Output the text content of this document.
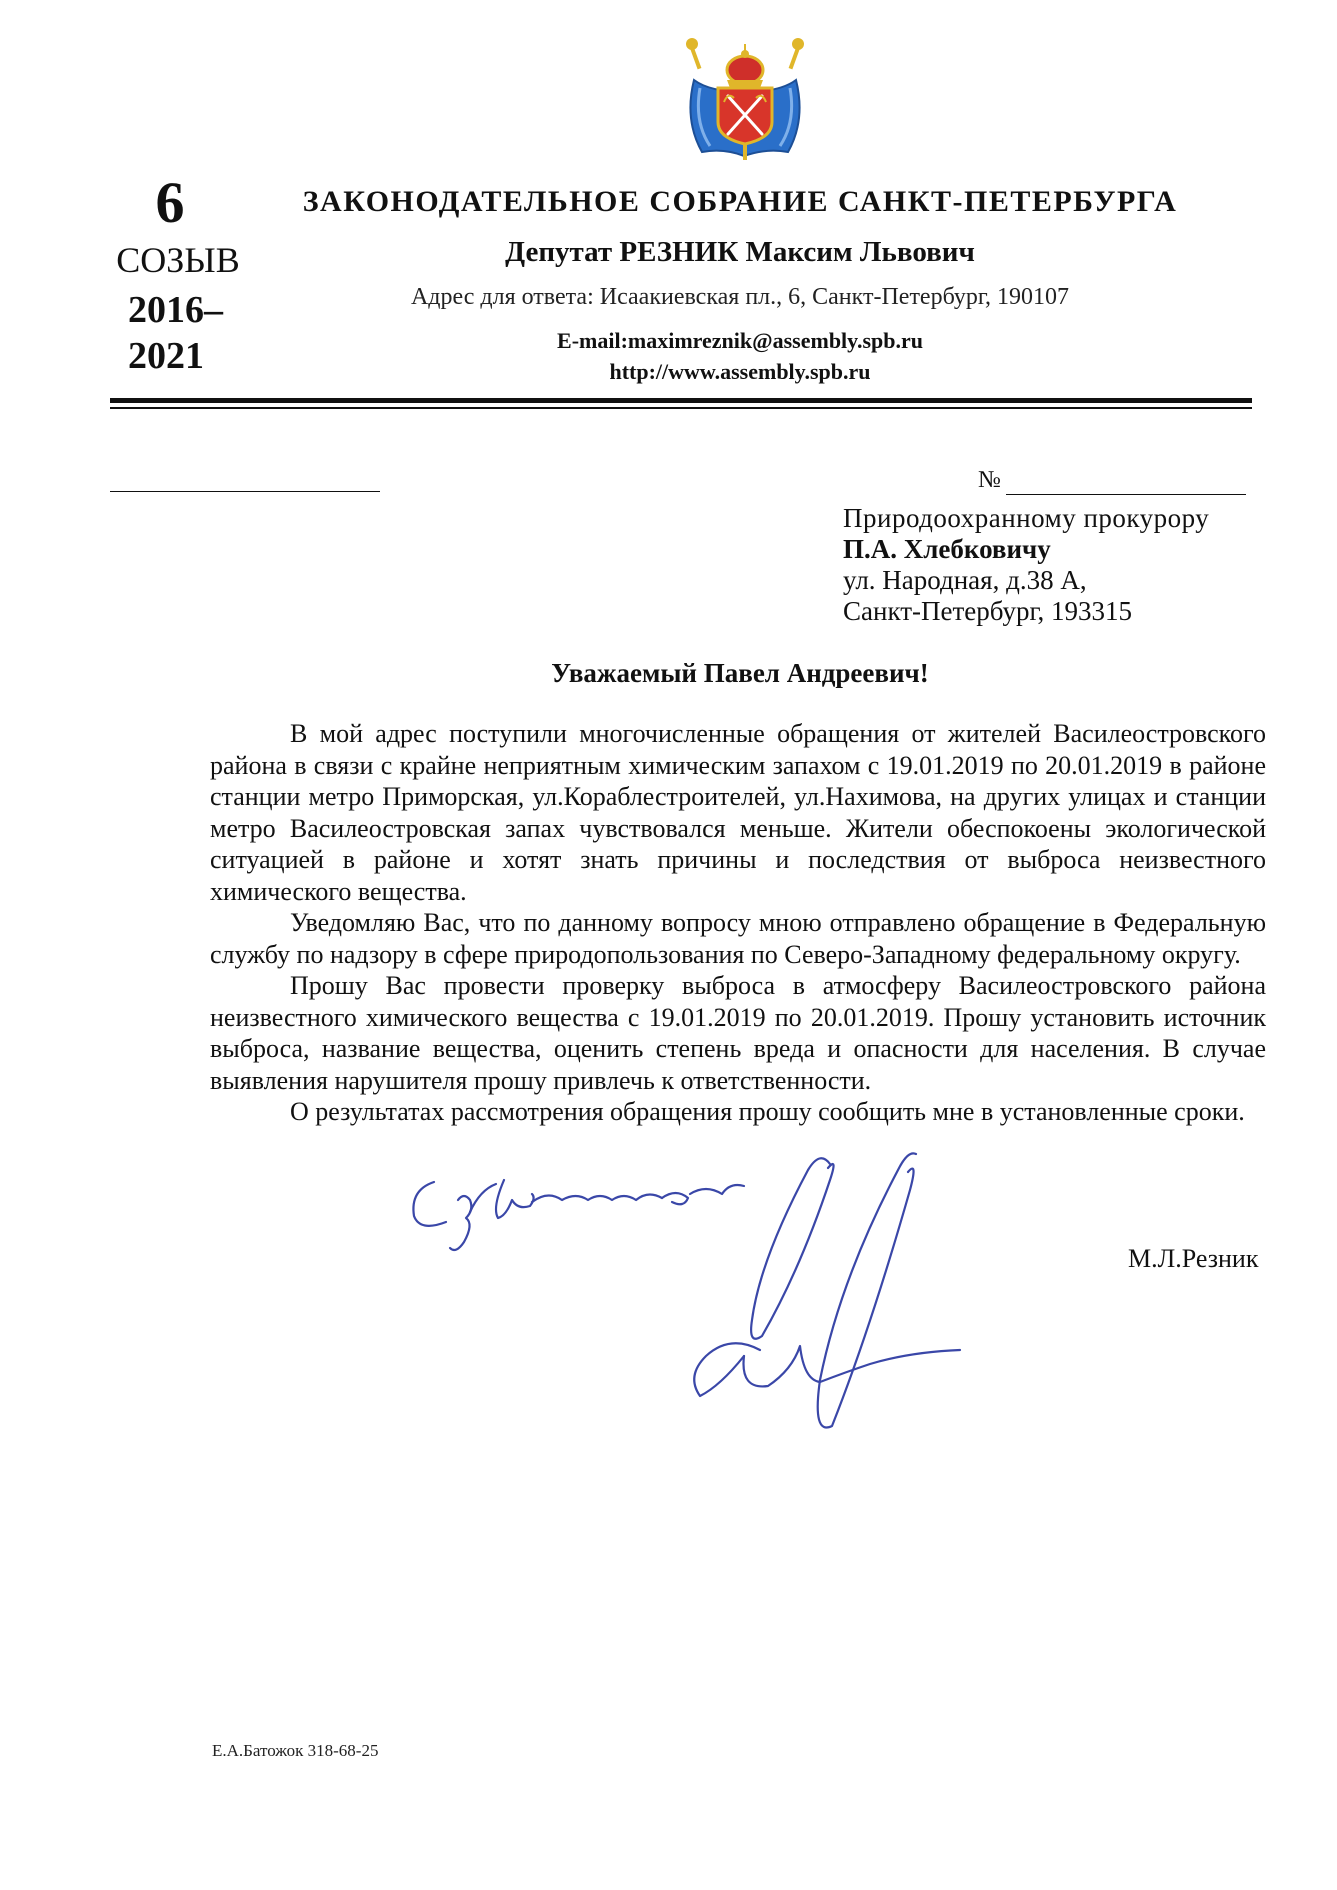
6
СОЗЫВ
2016–
2021
ЗАКОНОДАТЕЛЬНОЕ СОБРАНИЕ САНКТ-ПЕТЕРБУРГА
Депутат РЕЗНИК Максим Львович
Адрес для ответа: Исаакиевская пл., 6, Санкт-Петербург, 190107
E-mail:maximreznik@assembly.spb.ru
http://www.assembly.spb.ru
№
Природоохранному прокурору
П.А. Хлебковичу
ул. Народная, д.38 А,
Санкт-Петербург, 193315
Уважаемый Павел Андреевич!

В мой адрес поступили многочисленные обращения от жителей Василеостровского района в связи с крайне неприятным химическим запахом с 19.01.2019 по 20.01.2019 в районе станции метро Приморская, ул.Кораблестроителей, ул.Нахимова, на других улицах и станции метро Василеостровская запах чувствовался меньше. Жители обеспокоены экологической ситуацией в районе и хотят знать причины и последствия от выброса неизвестного химического вещества.

Уведомляю Вас, что по данному вопросу мною отправлено обращение в Федеральную службу по надзору в сфере природопользования по Северо-Западному федеральному округу.

Прошу Вас провести проверку выброса в атмосферу Василеостровского района неизвестного химического вещества с 19.01.2019 по 20.01.2019. Прошу установить источник выброса, название вещества, оценить степень вреда и опасности для населения. В случае выявления нарушителя прошу привлечь к ответственности.

О результатах рассмотрения обращения прошу сообщить мне в установленные сроки.

М.Л.Резник
Е.А.Батожок 318-68-25
